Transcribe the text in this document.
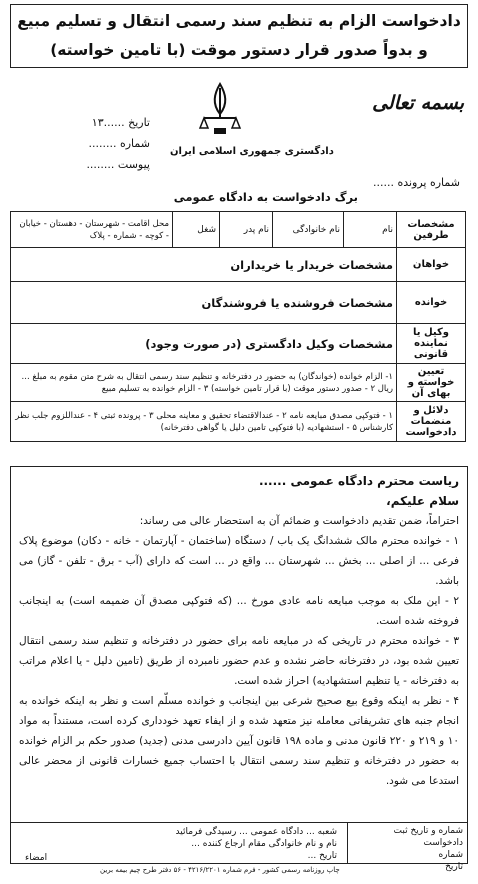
دادخواست الزام به تنظیم سند رسمی انتقال و تسلیم مبیع
و بدواً صدور قرار دستور موقت (با تامین خواسته)
بسمه تعالی
تاریخ ......۱۳
شماره ........
پیوست ........
دادگستری جمهوری اسلامی ایران
شماره پرونده ......
برگ دادخواست به دادگاه عمومی
مشخصات طرفین	نام	نام خانوادگی	نام پدر	شغل	محل اقامت - شهرستان - دهستان - خیابان - کوچه - شماره - پلاک
خواهان	مشخصات خریدار یا خریداران				
خوانده	مشخصات فروشنده یا فروشندگان				
وکیل یا نماینده قانونی	مشخصات وکیل دادگستری (در صورت وجود)				
تعیین خواسته و بهای آن	۱- الزام خوانده (خواندگان) به حضور در دفترخانه و تنظیم سند رسمی انتقال به شرح متن مقوم به مبلغ ... ریال ۲ - صدور دستور موقت (با قرار تامین خواسته) ۳ - الزام خوانده به تسلیم مبیع				
دلائل و منضمات دادخواست	۱ - فتوکپی مصدق مبایعه نامه ۲ - عندالاقتضاء تحقیق و معاینه محلی ۳ - پرونده ثبتی ۴ - عنداللزوم جلب نظر کارشناس ۵ - استشهادیه (با فتوکپی تامین دلیل یا گواهی دفترخانه)				

ریاست محترم دادگاه عمومی ......

سلام علیکم،

احتراماً، ضمن تقدیم دادخواست و ضمائم آن به استحضار عالی می رساند:

۱ - خوانده محترم مالک ششدانگ یک باب / دستگاه (ساختمان - آپارتمان - خانه - دکان) موضوع پلاک فرعی ... از اصلی ... بخش ... شهرستان ... واقع در ... است که دارای (آب - برق - تلفن - گاز) می باشد.

۲ - این ملک به موجب مبایعه نامه عادی مورخ ... (که فتوکپی مصدق آن ضمیمه است) به اینجانب فروخته شده است.

۳ - خوانده محترم در تاریخی که در مبایعه نامه برای حضور در دفترخانه و تنظیم سند رسمی انتقال تعیین شده بود، در دفترخانه حاضر نشده و عدم حضور نامبرده از طریق (تامین دلیل - یا اعلام مراتب به دفترخانه - یا تنظیم استشهادیه) احراز شده است.

۴ - نظر به اینکه وقوع بیع صحیح شرعی بین اینجانب و خوانده مسلّم است و نظر به اینکه خوانده به انجام جنبه های تشریفاتی معامله نیز متعهد شده و از ایفاء تعهد خودداری کرده است، مستنداً به مواد ۱۰ و ۲۱۹ و ۲۲۰ قانون مدنی و ماده ۱۹۸ قانون آیین دادرسی مدنی (جدید) صدور حکم بر الزام خوانده به حضور در دفترخانه و تنظیم سند رسمی انتقال با احتساب جمیع خسارات قانونی از محضر عالی استدعا می شود.

شماره و تاریخ ثبت دادخواست
شماره
تاریخ
شعبه ... دادگاه عمومی ... رسیدگی فرمائید
نام و نام خانوادگی مقام ارجاع کننده ...
تاریخ ...
امضاء
چاپ روزنامه رسمی کشور - فرم شماره ۴۲۱۶/۲۲۰۱ - ۵۶ دفتر طرح چیم بیمه برین
